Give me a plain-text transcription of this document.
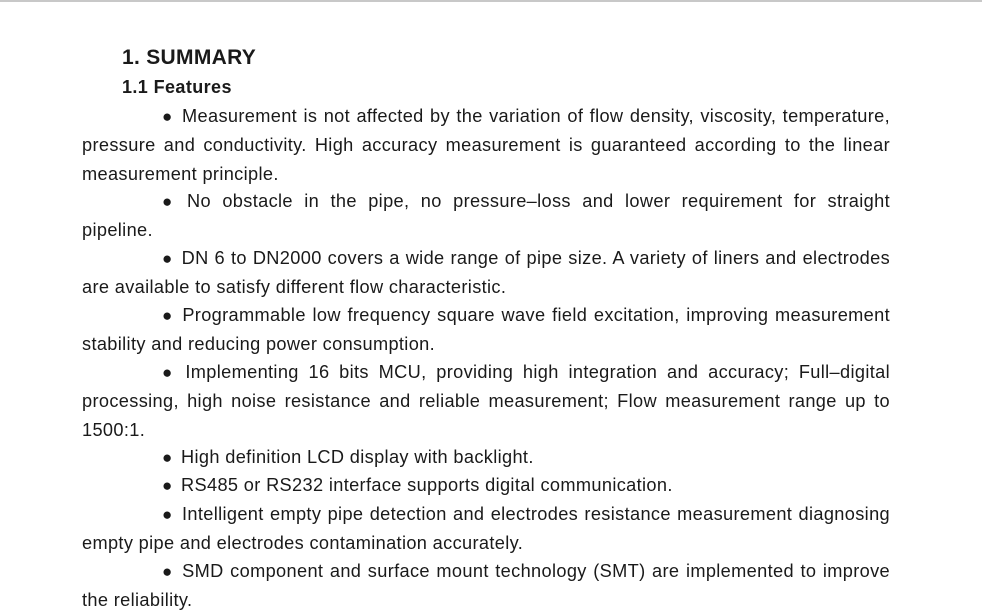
1. SUMMARY
1.1 Features
● Measurement is not affected by the variation of flow density, viscosity, temperature, pressure and conductivity. High accuracy measurement is guaranteed according to the linear measurement principle.
● No obstacle in the pipe, no pressure–loss and lower requirement for straight pipeline.
● DN 6 to DN2000 covers a wide range of pipe size. A variety of liners and electrodes are available to satisfy different flow characteristic.
● Programmable low frequency square wave field excitation, improving measurement stability and reducing power consumption.
● Implementing 16 bits MCU, providing high integration and accuracy; Full–digital processing, high noise resistance and reliable measurement; Flow measurement range up to 1500:1.
● High definition LCD display with backlight.
● RS485 or RS232 interface supports digital communication.
● Intelligent empty pipe detection and electrodes resistance measurement diagnosing empty pipe and electrodes contamination accurately.
● SMD component and surface mount technology (SMT) are implemented to improve the reliability.
